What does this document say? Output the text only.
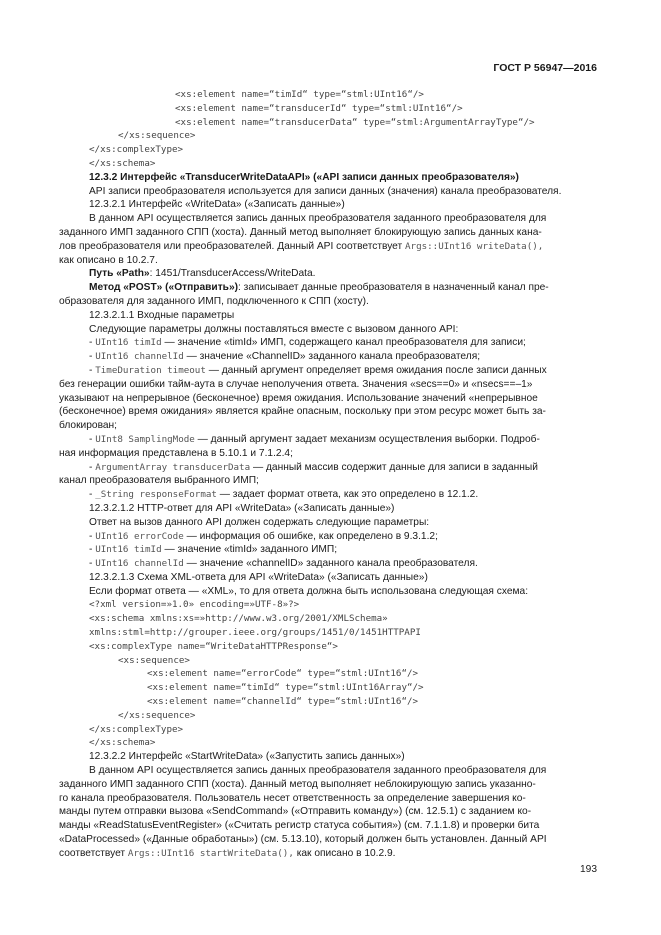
ГОСТ Р 56947—2016
<xs:element name=“timId“ type=“stml:UInt16“/>
<xs:element name=“transducerId“ type=“stml:UInt16“/>
<xs:element name=“transducerData“ type=“stml:ArgumentArrayType“/>
</xs:sequence>
</xs:complexType>
</xs:schema>
12.3.2 Интерфейс «TransducerWriteDataAPI» («API записи данных преобразователя»)
API записи преобразователя используется для записи данных (значения) канала преобразователя.
12.3.2.1 Интерфейс «WriteData» («Записать данные»)
В данном API осуществляется запись данных преобразователя заданного преобразователя для
заданного ИМП заданного СПП (хоста). Данный метод выполняет блокирующую запись данных кана-
лов преобразователя или преобразователей. Данный API соответствует Args::UInt16 writeData(),
как описано в 10.2.7.
Путь «Path»: 1451/TransducerAccess/WriteData.
Метод «POST» («Отправить»): записывает данные преобразователя в назначенный канал пре-
образователя для заданного ИМП, подключенного к СПП (хосту).
12.3.2.1.1 Входные параметры
Следующие параметры должны поставляться вместе с вызовом данного API:
- UInt16 timId — значение «timId» ИМП, содержащего канал преобразователя для записи;
- UInt16 channelId — значение «ChannelID» заданного канала преобразователя;
- TimeDuration timeout — данный аргумент определяет время ожидания после записи данных
без генерации ошибки тайм-аута в случае неполучения ответа. Значения «secs==0» и «nsecs==–1»
указывают на непрерывное (бесконечное) время ожидания. Использование значений «непрерывное
(бесконечное) время ожидания» является крайне опасным, поскольку при этом ресурс может быть за-
блокирован;
- UInt8 SamplingMode — данный аргумент задает механизм осуществления выборки. Подроб-
ная информация представлена в 5.10.1 и 7.1.2.4;
- ArgumentArray transducerData — данный массив содержит данные для записи в заданный
канал преобразователя выбранного ИМП;
- _String responseFormat — задает формат ответа, как это определено в 12.1.2.
12.3.2.1.2 HTTP-ответ для API «WriteData» («Записать данные»)
Ответ на вызов данного API должен содержать следующие параметры:
- UInt16 errorCode — информация об ошибке, как определено в 9.3.1.2;
- UInt16 timId — значение «timId» заданного ИМП;
- UInt16 channelId — значение «channelID» заданного канала преобразователя.
12.3.2.1.3 Схема XML-ответа для API «WriteData» («Записать данные»)
Если формат ответа — «XML», то для ответа должна быть использована следующая схема:
<?xml version=»1.0» encoding=»UTF-8»?>
<xs:schema xmlns:xs=»http://www.w3.org/2001/XMLSchema»
xmlns:stml=http://grouper.ieee.org/groups/1451/0/1451HTTPAPI
<xs:complexType name=“WriteDataHTTPResponse“>
<xs:sequence>
<xs:element name=“errorCode“ type=“stml:UInt16“/>
<xs:element name=“timId“ type=“stml:UInt16Array“/>
<xs:element name=“channelId“ type=“stml:UInt16“/>
</xs:sequence>
</xs:complexType>
</xs:schema>
12.3.2.2 Интерфейс «StartWriteData» («Запустить запись данных»)
В данном API осуществляется запись данных преобразователя заданного преобразователя для
заданного ИМП заданного СПП (хоста). Данный метод выполняет неблокирующую запись указанно-
го канала преобразователя. Пользователь несет ответственность за определение завершения ко-
манды путем отправки вызова «SendCommand» («Отправить команду») (см. 12.5.1) с заданием ко-
манды «ReadStatusEventRegister» («Считать регистр статуса события») (см. 7.1.1.8) и проверки бита
«DataProcessed» («Данные обработаны») (см. 5.13.10), который должен быть установлен. Данный API
соответствует Args::UInt16 startWriteData(), как описано в 10.2.9.
193
